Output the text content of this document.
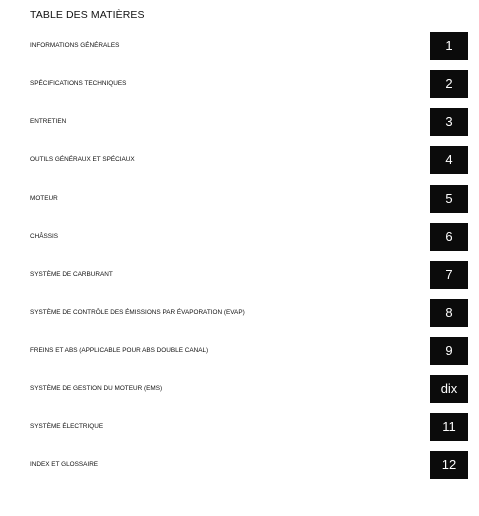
TABLE DES MATIÈRES
INFORMATIONS GÉNÉRALES	1
SPÉCIFICATIONS TECHNIQUES	2
ENTRETIEN	3
OUTILS GÉNÉRAUX ET SPÉCIAUX	4
MOTEUR	5
CHÂSSIS	6
SYSTÈME DE CARBURANT	7
SYSTÈME DE CONTRÔLE DES ÉMISSIONS PAR ÉVAPORATION (EVAP)	8
FREINS ET ABS (APPLICABLE POUR ABS DOUBLE CANAL)	9
SYSTÈME DE GESTION DU MOTEUR (EMS)	dix
SYSTÈME ÉLECTRIQUE	11
INDEX ET GLOSSAIRE	12
